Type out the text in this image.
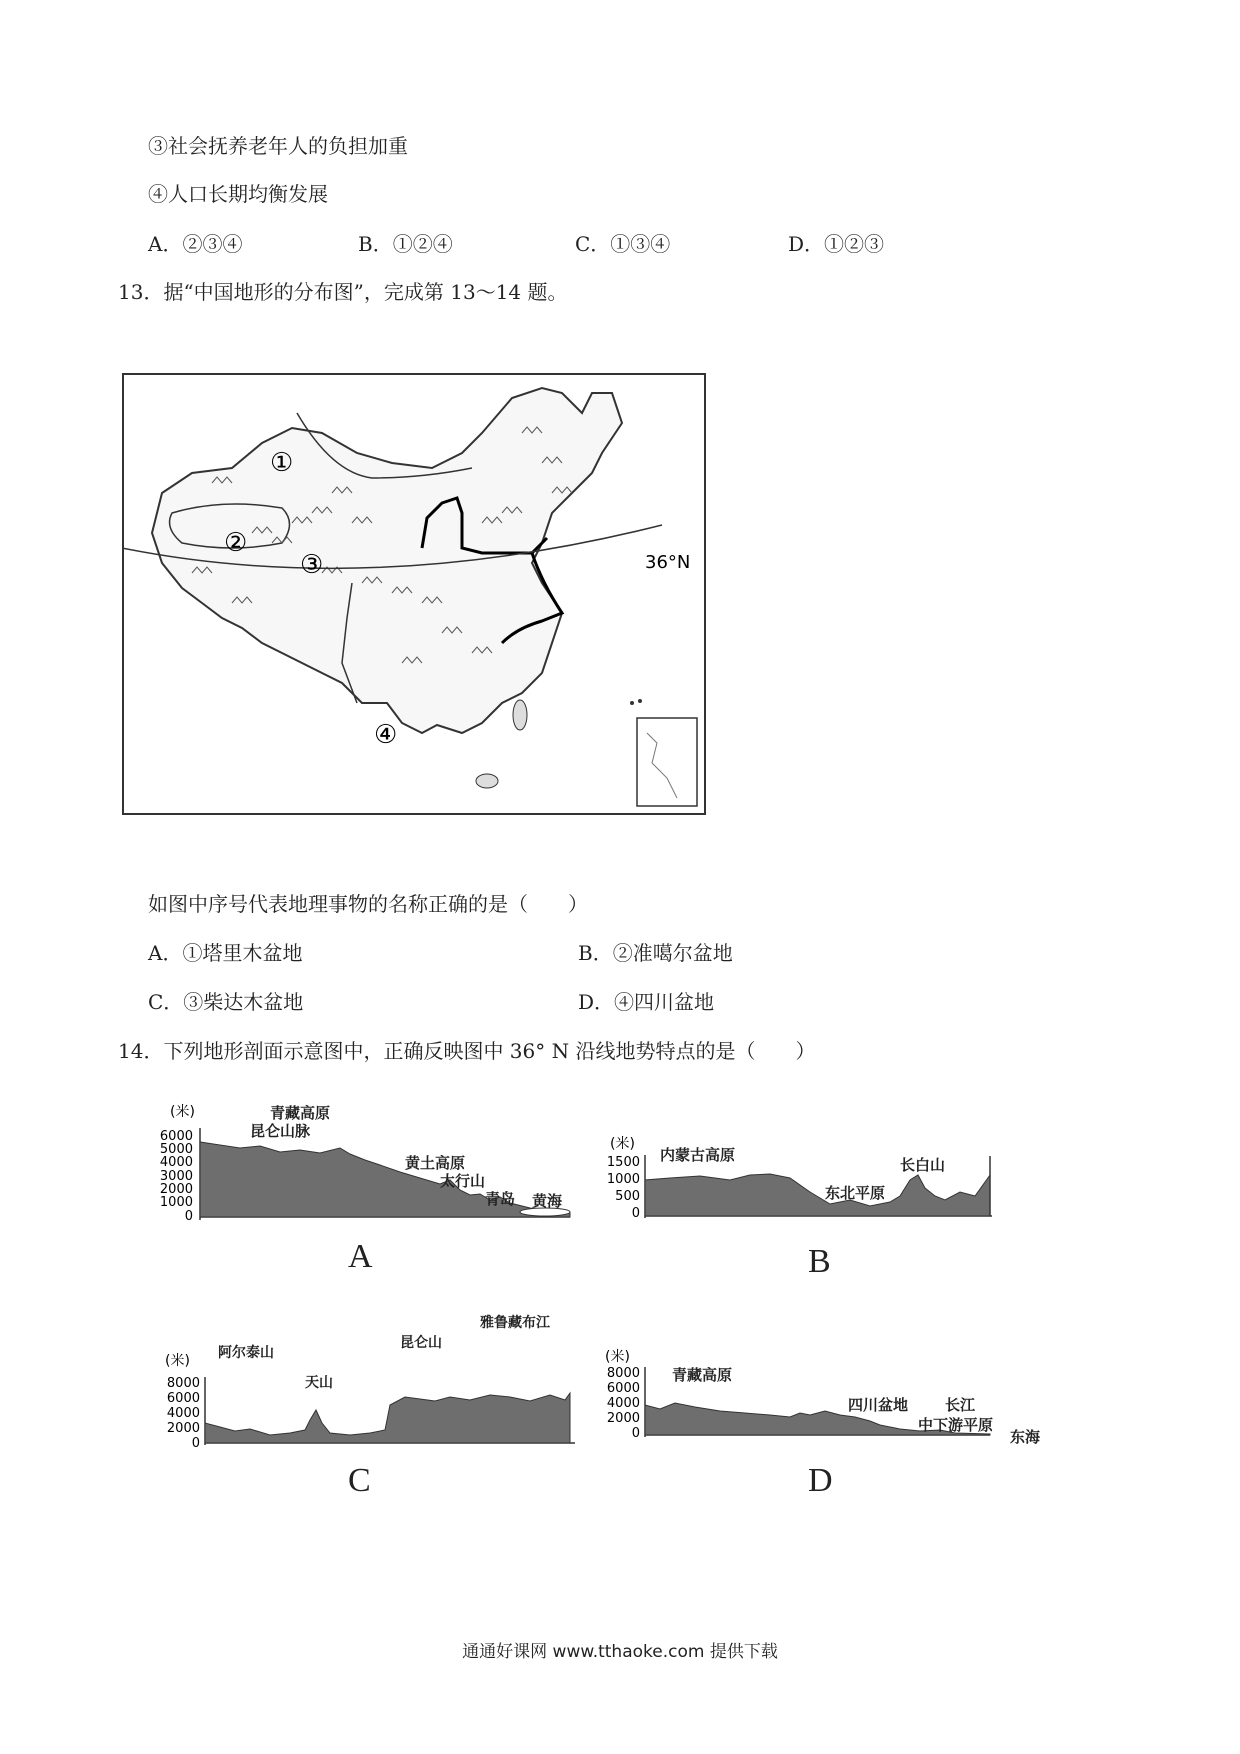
③社会抚养老年人的负担加重
④人口长期均衡发展
A．②③④	B．①②④	C．①③④	D．①②③
13．据“中国地形的分布图”，完成第 13～14 题。
①
②
③
④
36°N
如图中序号代表地理事物的名称正确的是（　　）
A．①塔里木盆地	B．②准噶尔盆地
C．③柴达木盆地	D．④四川盆地
14．下列地形剖面示意图中，正确反映图中 36° N 沿线地势特点的是（　　）
(米)
6000
5000
4000
3000
2000
1000
0
青藏高原
昆仑山脉
黄土高原
太行山
青岛 黄海
A
(米)
1500
1000
500
0
内蒙古高原
东北平原
长白山
B
(米)
8000
6000
4000
2000
0
阿尔泰山
天山
昆仑山
雅鲁藏布江
C
(米)
8000
6000
4000
2000
0
青藏高原
四川盆地 长江
中下游平原
东海
D
通通好课网 www.tthaoke.com 提供下载
